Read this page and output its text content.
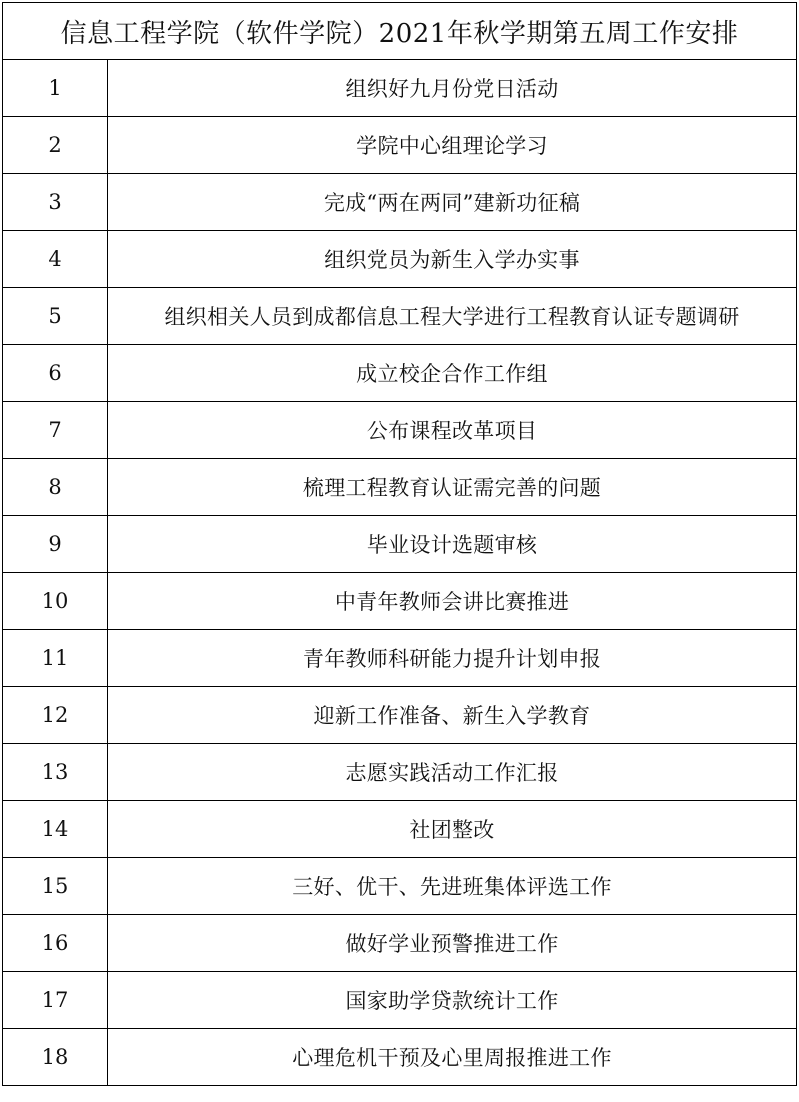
信息工程学院（软件学院）2021年秋学期第五周工作安排	
1	组织好九月份党日活动
2	学院中心组理论学习
3	完成“两在两同”建新功征稿
4	组织党员为新生入学办实事
5	组织相关人员到成都信息工程大学进行工程教育认证专题调研
6	成立校企合作工作组
7	公布课程改革项目
8	梳理工程教育认证需完善的问题
9	毕业设计选题审核
10	中青年教师会讲比赛推进
11	青年教师科研能力提升计划申报
12	迎新工作准备、新生入学教育
13	志愿实践活动工作汇报
14	社团整改
15	三好、优干、先进班集体评选工作
16	做好学业预警推进工作
17	国家助学贷款统计工作
18	心理危机干预及心里周报推进工作
